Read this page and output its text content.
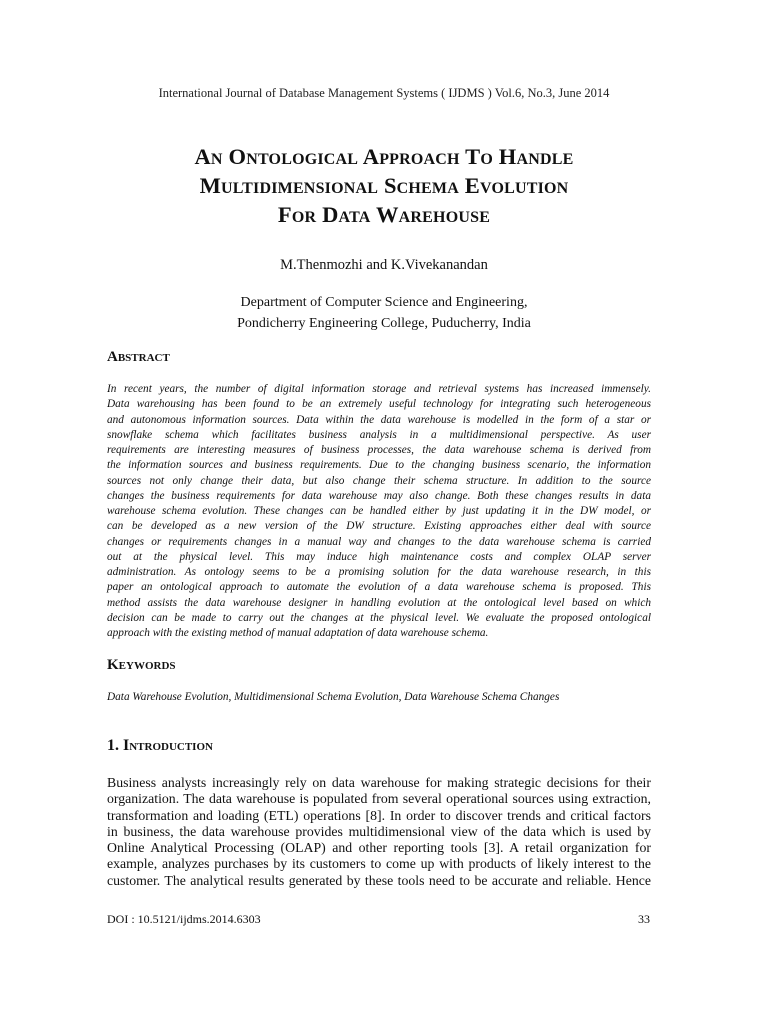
International Journal of Database Management Systems ( IJDMS ) Vol.6, No.3, June 2014
An Ontological Approach To Handle
Multidimensional Schema Evolution
For Data Warehouse
M.Thenmozhi and K.Vivekanandan
Department of Computer Science and Engineering,
Pondicherry Engineering College, Puducherry, India
Abstract
In recent years, the number of digital information storage and retrieval systems has increased immensely.
Data warehousing has been found to be an extremely useful technology for integrating such heterogeneous
and autonomous information sources. Data within the data warehouse is modelled in the form of a star or
snowflake schema which facilitates business analysis in a multidimensional perspective. As user
requirements are interesting measures of business processes, the data warehouse schema is derived from
the information sources and business requirements. Due to the changing business scenario, the information
sources not only change their data, but also change their schema structure. In addition to the source
changes the business requirements for data warehouse may also change. Both these changes results in data
warehouse schema evolution. These changes can be handled either by just updating it in the DW model, or
can be developed as a new version of the DW structure. Existing approaches either deal with source
changes or requirements changes in a manual way and changes to the data warehouse schema is carried
out at the physical level. This may induce high maintenance costs and complex OLAP server
administration. As ontology seems to be a promising solution for the data warehouse research, in this
paper an ontological approach to automate the evolution of a data warehouse schema is proposed. This
method assists the data warehouse designer in handling evolution at the ontological level based on which
decision can be made to carry out the changes at the physical level. We evaluate the proposed ontological
approach with the existing method of manual adaptation of data warehouse schema.
Keywords
Data Warehouse Evolution, Multidimensional Schema Evolution, Data Warehouse Schema Changes
1. Introduction
Business analysts increasingly rely on data warehouse for making strategic decisions for their
organization. The data warehouse is populated from several operational sources using extraction,
transformation and loading (ETL) operations [8]. In order to discover trends and critical factors
in business, the data warehouse provides multidimensional view of the data which is used by
Online Analytical Processing (OLAP) and other reporting tools [3]. A retail organization for
example, analyzes purchases by its customers to come up with products of likely interest to the
customer. The analytical results generated by these tools need to be accurate and reliable. Hence
DOI : 10.5121/ijdms.2014.6303	33
